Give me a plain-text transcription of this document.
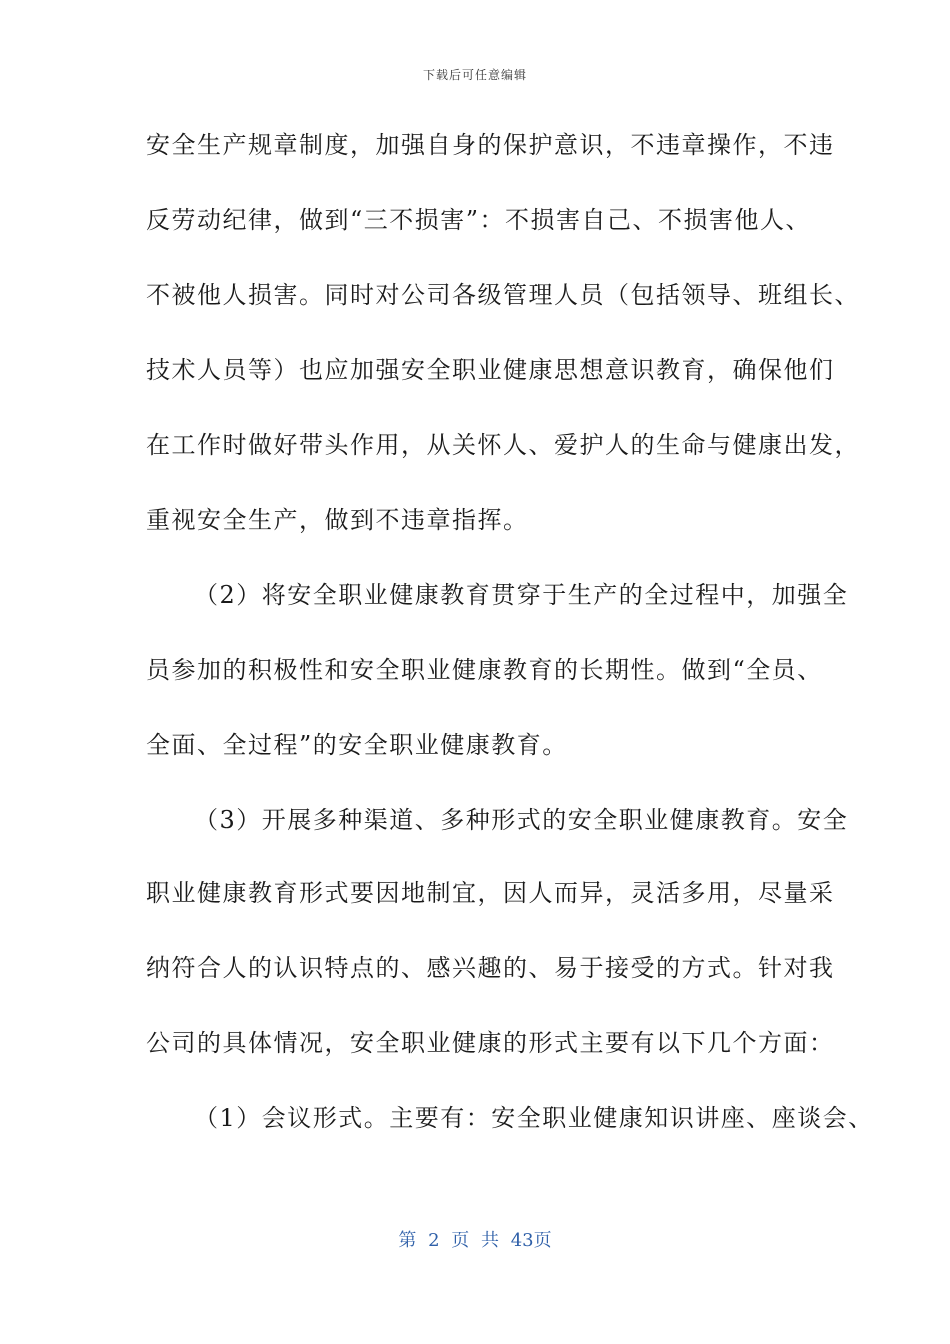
下载后可任意编辑
安全生产规章制度，加强自身的保护意识，不违章操作，不违
反劳动纪律，做到“三不损害”：不损害自己、不损害他人、
不被他人损害。同时对公司各级管理人员（包括领导、班组长、
技术人员等）也应加强安全职业健康思想意识教育，确保他们
在工作时做好带头作用，从关怀人、爱护人的生命与健康出发，
重视安全生产，做到不违章指挥。
（2）将安全职业健康教育贯穿于生产的全过程中，加强全
员参加的积极性和安全职业健康教育的长期性。做到“全员、
全面、全过程”的安全职业健康教育。
（3）开展多种渠道、多种形式的安全职业健康教育。安全
职业健康教育形式要因地制宜，因人而异，灵活多用，尽量采
纳符合人的认识特点的、感兴趣的、易于接受的方式。针对我
公司的具体情况，安全职业健康的形式主要有以下几个方面：
（1）会议形式。主要有：安全职业健康知识讲座、座谈会、
第 2 页 共 43页
